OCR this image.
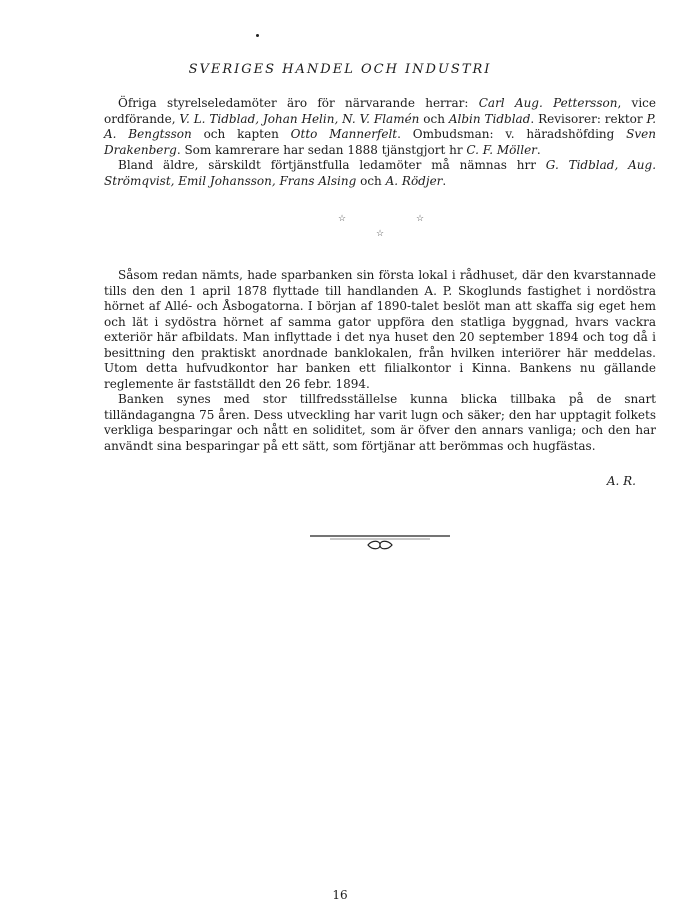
SVERIGES HANDEL OCH INDUSTRI

Öfriga styrelseledamöter äro för närvarande herrar: Carl Aug. Pettersson, vice ordförande, V. L. Tidblad, Johan Helin, N. V. Flamén och Albin Tidblad. Revisorer: rektor P. A. Bengtsson och kapten Otto Mannerfelt. Ombudsman: v. häradshöfding Sven Drakenberg. Som kamrerare har sedan 1888 tjänstgjort hr C. F. Möller.

Bland äldre, särskildt förtjänstfulla ledamöter må nämnas hrr G. Tidblad, Aug. Strömqvist, Emil Johansson, Frans Alsing och A. Rödjer.

☆	☆
☆

Såsom redan nämts, hade sparbanken sin första lokal i rådhuset, där den kvarstannade tills den den 1 april 1878 flyttade till handlanden A. P. Skoglunds fastighet i nordöstra hörnet af Allé- och Åsbogatorna. I början af 1890-talet beslöt man att skaffa sig eget hem och lät i sydöstra hörnet af samma gator uppföra den statliga byggnad, hvars vackra exteriör här afbildats. Man inflyttade i det nya huset den 20 september 1894 och tog då i besittning den praktiskt anordnade banklokalen, från hvilken interiörer här meddelas. Utom detta hufvudkontor har banken ett filialkontor i Kinna. Bankens nu gällande reglemente är fastställdt den 26 febr. 1894.

Banken synes med stor tillfredsställelse kunna blicka tillbaka på de snart tilländagangna 75 åren. Dess utveckling har varit lugn och säker; den har upptagit folkets verkliga besparingar och nått en soliditet, som är öfver den annars vanliga; och den har användt sina besparingar på ett sätt, som förtjänar att berömmas och hugfästas.

A. R.
16
